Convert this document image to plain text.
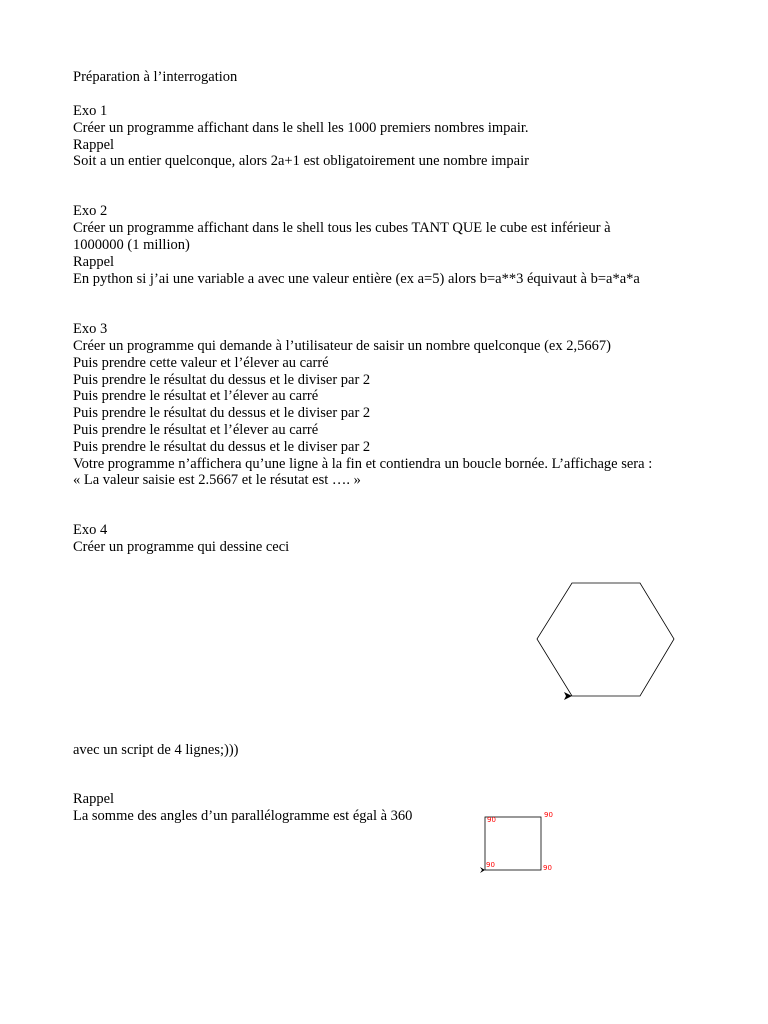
Préparation à l’interrogation
Exo 1
Créer un programme affichant dans le shell les 1000 premiers nombres impair.
Rappel
Soit a un entier quelconque, alors 2a+1 est obligatoirement une nombre impair
Exo 2
Créer un programme affichant dans le shell tous les cubes TANT QUE le cube est inférieur à
1000000 (1 million)
Rappel
En python si j’ai une variable a avec une valeur entière (ex a=5) alors b=a**3 équivaut à b=a*a*a
Exo 3
Créer un programme qui demande à l’utilisateur de saisir un nombre quelconque (ex 2,5667)
Puis prendre cette valeur et l’élever au carré
Puis prendre le résultat du dessus et le diviser par 2
Puis prendre le résultat et l’élever au carré
Puis prendre le résultat du dessus et le diviser par 2
Puis prendre le résultat et l’élever au carré
Puis prendre le résultat du dessus et le diviser par 2
Votre programme n’affichera qu’une ligne à la fin et contiendra un boucle bornée. L’affichage sera :
« La valeur saisie est 2.5667 et le résutat est …. »
Exo 4
Créer un programme qui dessine ceci
avec un script de 4 lignes;)))
Rappel
La somme des angles d’un parallélogramme est égal à 360	90
90
90	90
